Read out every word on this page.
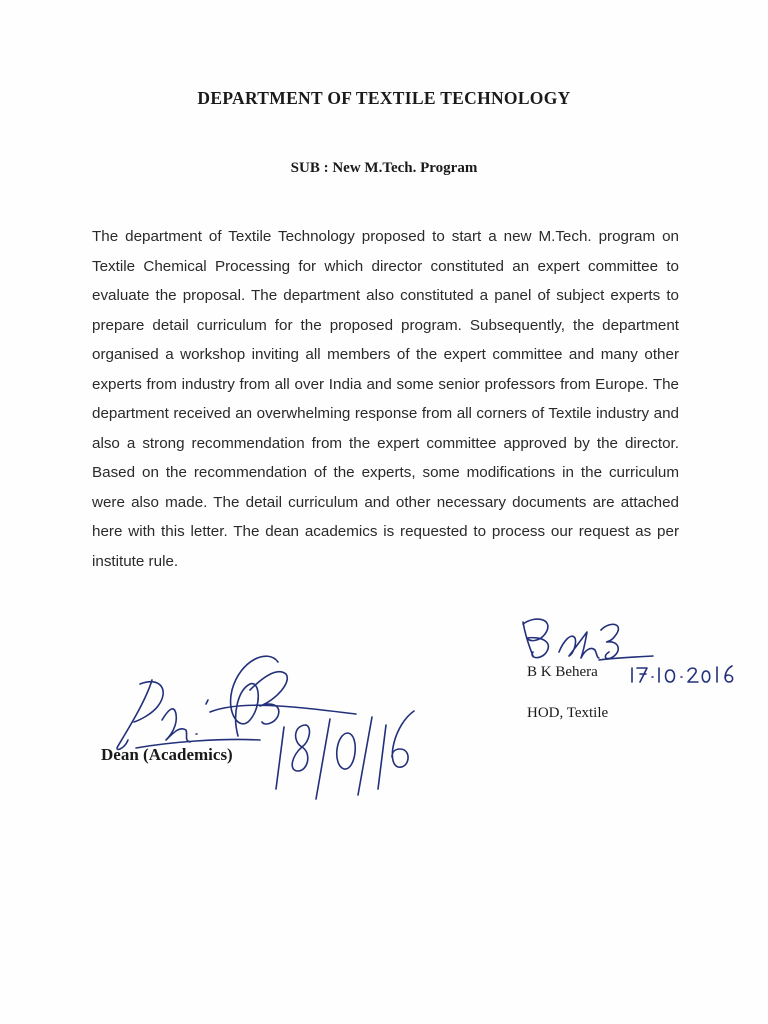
DEPARTMENT OF TEXTILE TECHNOLOGY
SUB : New M.Tech. Program
The department of Textile Technology proposed to start a new M.Tech. program on Textile Chemical Processing for which director constituted an expert committee to evaluate the proposal. The department also constituted a panel of subject experts to prepare detail curriculum for the proposed program. Subsequently, the department organised a workshop inviting all members of the expert committee and many other experts from industry from all over India and some senior professors from Europe. The department received an overwhelming response from all corners of Textile industry and also a strong recommendation from the expert committee approved by the director. Based on the recommendation of the experts, some modifications in the curriculum were also made. The detail curriculum and other necessary documents are attached here with this letter. The dean academics is requested to process our request as per institute rule.
B K Behera
HOD, Textile
Dean (Academics)
